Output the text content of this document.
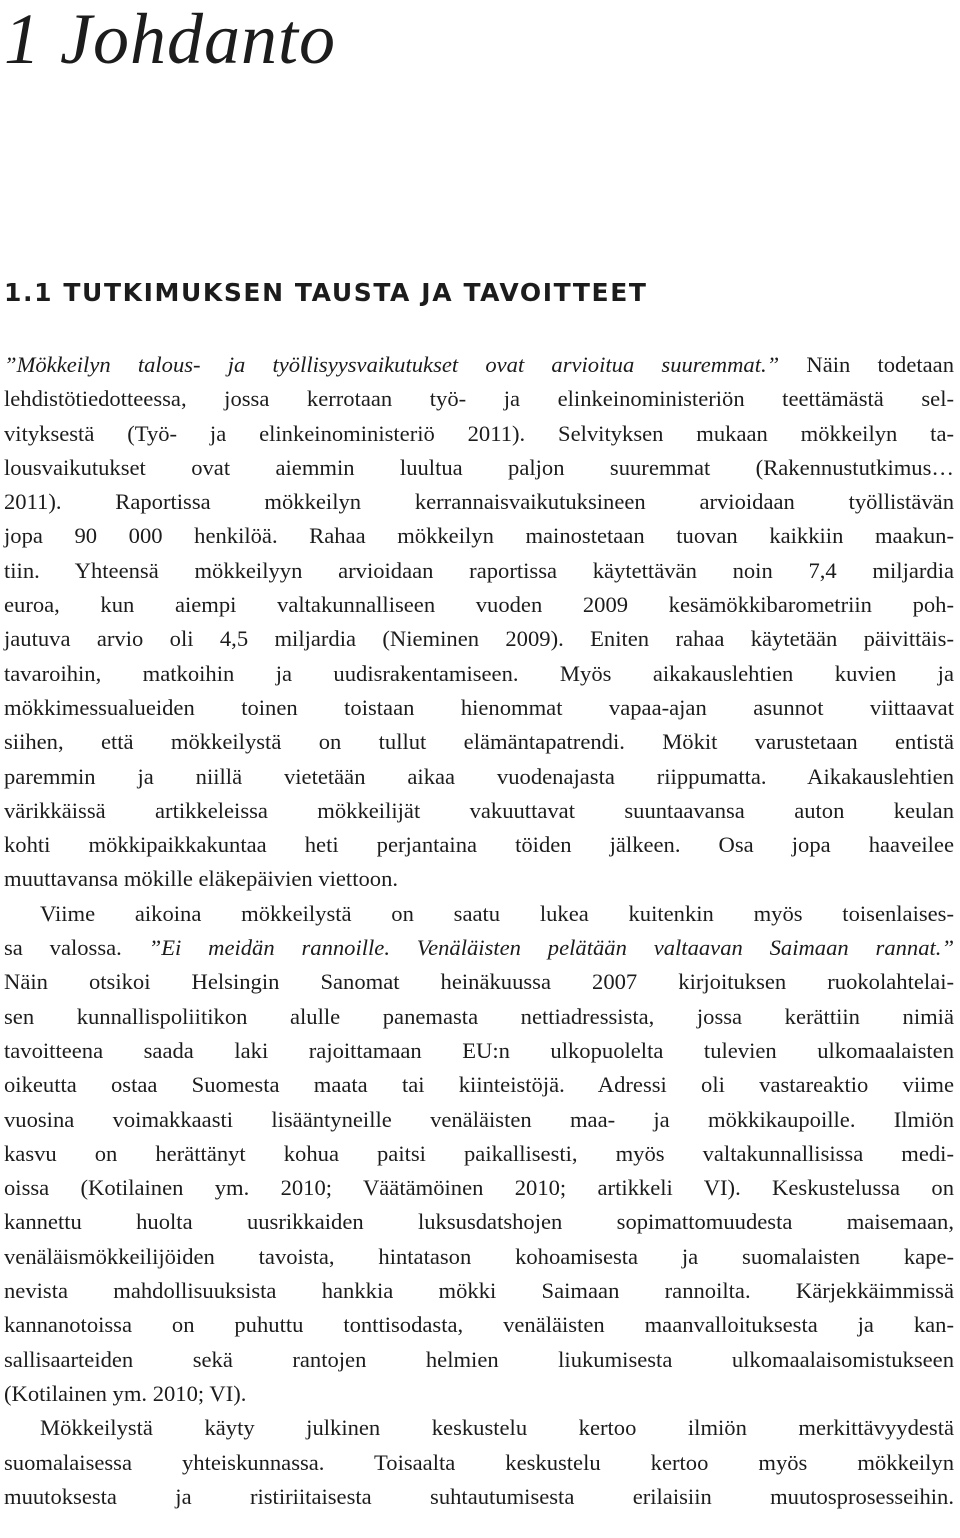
1 Johdanto
1.1 TUTKIMUKSEN TAUSTA JA TAVOITTEET
”Mökkeilyn talous- ja työllisyysvaikutukset ovat arvioitua suuremmat.” Näin todetaan
lehdistötiedotteessa, jossa kerrotaan työ- ja elinkeinoministeriön teettämästä sel-
vityksestä (Työ- ja elinkeinoministeriö 2011). Selvityksen mukaan mökkeilyn ta-
lousvaikutukset ovat aiemmin luultua paljon suuremmat (Rakennustutkimus…
2011). Raportissa mökkeilyn kerrannaisvaikutuksineen arvioidaan työllistävän
jopa 90 000 henkilöä. Rahaa mökkeilyn mainostetaan tuovan kaikkiin maakun-
tiin. Yhteensä mökkeilyyn arvioidaan raportissa käytettävän noin 7,4 miljardia
euroa, kun aiempi valtakunnalliseen vuoden 2009 kesämökkibarometriin poh-
jautuva arvio oli 4,5 miljardia (Nieminen 2009). Eniten rahaa käytetään päivittäis-
tavaroihin, matkoihin ja uudisrakentamiseen. Myös aikakauslehtien kuvien ja
mökkimessualueiden toinen toistaan hienommat vapaa-ajan asunnot viittaavat
siihen, että mökkeilystä on tullut elämäntapatrendi. Mökit varustetaan entistä
paremmin ja niillä vietetään aikaa vuodenajasta riippumatta. Aikakauslehtien
värikkäissä artikkeleissa mökkeilijät vakuuttavat suuntaavansa auton keulan
kohti mökkipaikkakuntaa heti perjantaina töiden jälkeen. Osa jopa haaveilee
muuttavansa mökille eläkepäivien viettoon.
Viime aikoina mökkeilystä on saatu lukea kuitenkin myös toisenlaises-
sa valossa. ”Ei meidän rannoille. Venäläisten pelätään valtaavan Saimaan rannat.”
Näin otsikoi Helsingin Sanomat heinäkuussa 2007 kirjoituksen ruokolahtelai-
sen kunnallispoliitikon alulle panemasta nettiadressista, jossa kerättiin nimiä
tavoitteena saada laki rajoittamaan EU:n ulkopuolelta tulevien ulkomaalaisten
oikeutta ostaa Suomesta maata tai kiinteistöjä. Adressi oli vastareaktio viime
vuosina voimakkaasti lisääntyneille venäläisten maa- ja mökkikaupoille. Ilmiön
kasvu on herättänyt kohua paitsi paikallisesti, myös valtakunnallisissa medi-
oissa (Kotilainen ym. 2010; Väätämöinen 2010; artikkeli VI). Keskustelussa on
kannettu huolta uusrikkaiden luksusdatshojen sopimattomuudesta maisemaan,
venäläismökkeilijöiden tavoista, hintatason kohoamisesta ja suomalaisten kape-
nevista mahdollisuuksista hankkia mökki Saimaan rannoilta. Kärjekkäimmissä
kannanotoissa on puhuttu tonttisodasta, venäläisten maanvalloituksesta ja kan-
sallisaarteiden sekä rantojen helmien liukumisesta ulkomaalaisomistukseen
(Kotilainen ym. 2010; VI).
Mökkeilystä käyty julkinen keskustelu kertoo ilmiön merkittävyydestä
suomalaisessa yhteiskunnassa. Toisaalta keskustelu kertoo myös mökkeilyn
muutoksesta ja ristiriitaisesta suhtautumisesta erilaisiin muutosprosesseihin.
